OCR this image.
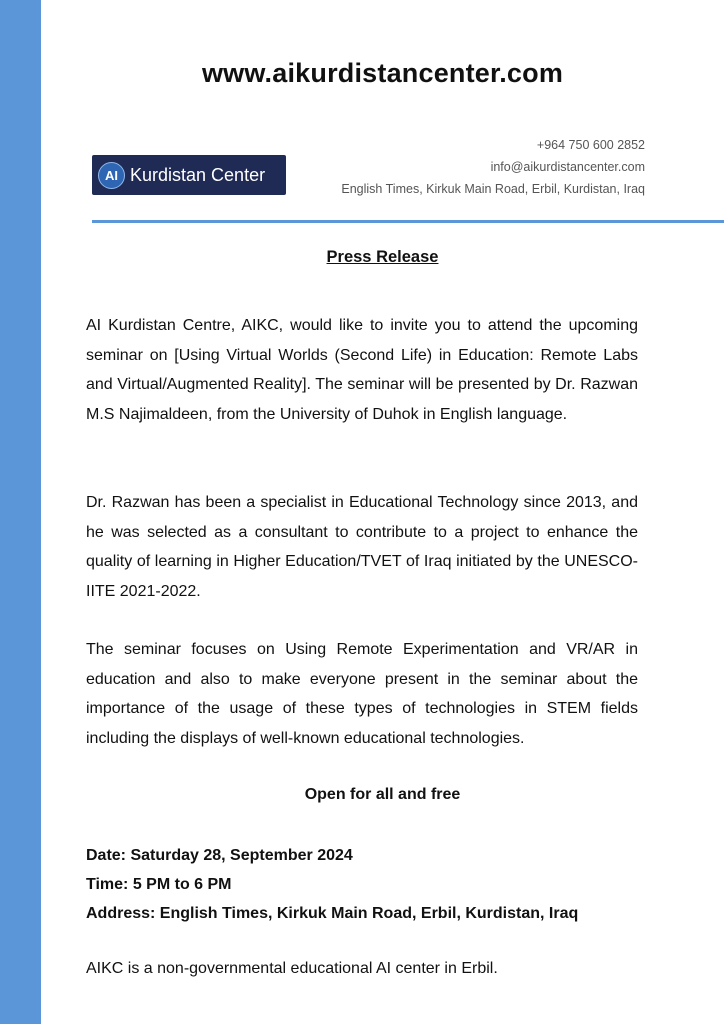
www.aikurdistancenter.com
AI Kurdistan Center
+964 750 600 2852
info@aikurdistancenter.com
English Times, Kirkuk Main Road, Erbil, Kurdistan, Iraq
Press Release

AI Kurdistan Centre, AIKC, would like to invite you to attend the upcoming seminar on [Using Virtual Worlds (Second Life) in Education: Remote Labs and Virtual/Augmented Reality]. The seminar will be presented by Dr. Razwan M.S Najimaldeen, from the University of Duhok in English language.

Dr. Razwan has been a specialist in Educational Technology since 2013, and he was selected as a consultant to contribute to a project to enhance the quality of learning in Higher Education/TVET of Iraq initiated by the UNESCO-IITE 2021-2022.

The seminar focuses on Using Remote Experimentation and VR/AR in education and also to make everyone present in the seminar about the importance of the usage of these types of technologies in STEM fields including the displays of well-known educational technologies.

Open for all and free
Date: Saturday 28, September 2024
Time: 5 PM to 6 PM
Address: English Times, Kirkuk Main Road, Erbil, Kurdistan, Iraq
AIKC is a non-governmental educational AI center in Erbil.
